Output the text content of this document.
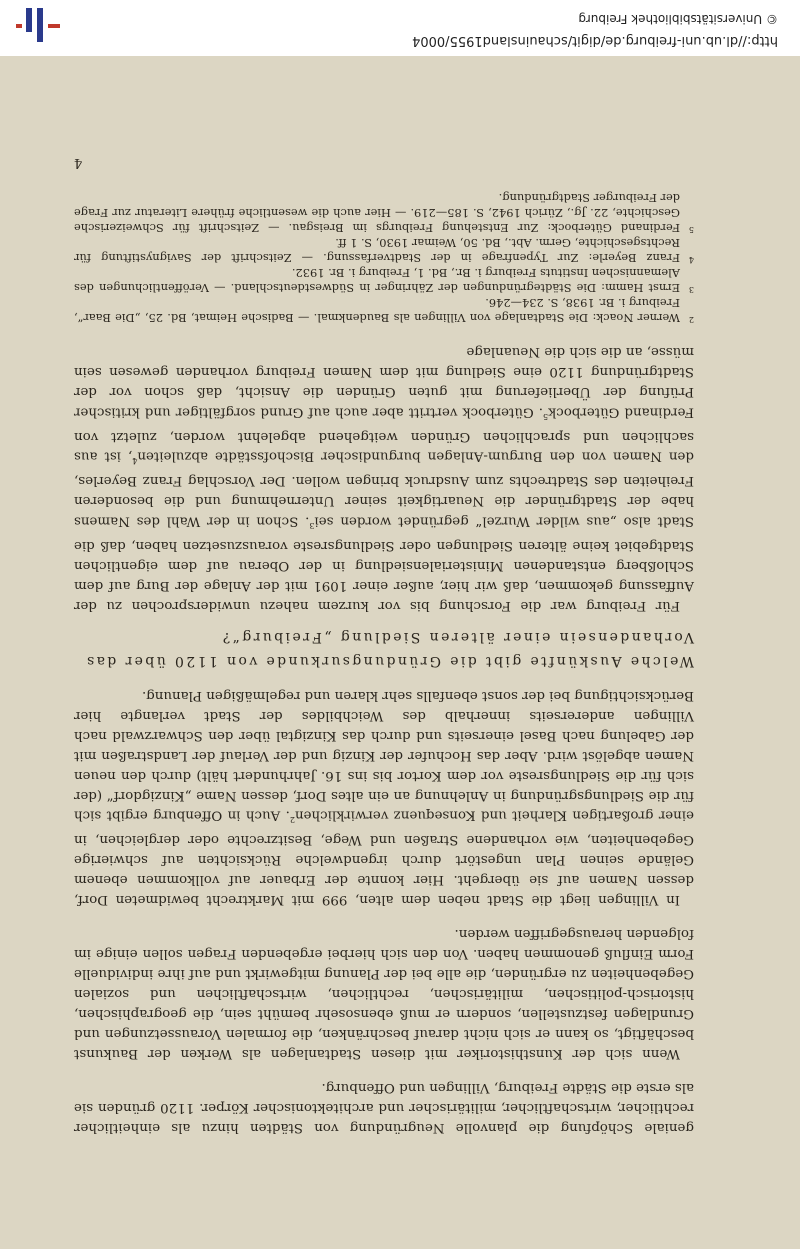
geniale Schöpfung die planvolle Neugründung von Städten hinzu als einheitlicher rechtlicher, wirtschaftlicher, militärischer und architektonischer Körper. 1120 gründen sie als erste die Städte Freiburg, Villingen und Offenburg.

Wenn sich der Kunsthistoriker mit diesen Stadtanlagen als Werken der Baukunst beschäftigt, so kann er sich nicht darauf beschränken, die formalen Voraussetzungen und Grundlagen festzustellen, sondern er muß ebensosehr bemüht sein, die geographischen, historisch-politischen, militärischen, rechtlichen, wirtschaftlichen und sozialen Gegebenheiten zu ergründen, die alle bei der Planung mitgewirkt und auf ihre individuelle Form Einfluß genommen haben. Von den sich hierbei ergebenden Fragen sollen einige im folgenden herausgegriffen werden.

In Villingen liegt die Stadt neben dem alten, 999 mit Marktrecht bewidmeten Dorf, dessen Namen auf sie übergeht. Hier konnte der Erbauer auf vollkommen ebenem Gelände seinen Plan ungestört durch irgendwelche Rücksichten auf schwierige Gegebenheiten, wie vorhandene Straßen und Wege, Besitzrechte oder dergleichen, in einer großartigen Klarheit und Konsequenz verwirklichen$^2$. Auch in Offenburg ergibt sich für die Siedlungsgründung in Anlehnung an ein altes Dorf, dessen Name „Kinzigdorf“ (der sich für die Siedlungsreste vor dem Kortor bis ins 16. Jahrhundert hält) durch den neuen Namen abgelöst wird. Aber das Hochufer der Kinzig und der Verlauf der Landstraßen mit der Gabelung nach Basel einerseits und durch das Kinzigtal über den Schwarzwald nach Villingen andererseits innerhalb des Weichbildes der Stadt verlangte hier Berücksichtigung bei der sonst ebenfalls sehr klaren und regelmäßigen Planung.

Welche Auskünfte gibt die Gründungsurkunde von 1120 über das Vorhandensein einer älteren Siedlung „Freiburg“?

Für Freiburg war die Forschung bis vor kurzem nahezu unwidersprochen zu der Auffassung gekommen, daß wir hier, außer einer 1091 mit der Anlage der Burg auf dem Schloßberg entstandenen Ministerialensiedlung in der Oberau auf dem eigentlichen Stadtgebiet keine älteren Siedlungen oder Siedlungsreste vorauszusetzen haben, daß die Stadt also „aus wilder Wurzel“ gegründet worden sei$^3$. Schon in der Wahl des Namens habe der Stadtgründer die Neuartigkeit seiner Unternehmung und die besonderen Freiheiten des Stadtrechts zum Ausdruck bringen wollen. Der Vorschlag Franz Beyerles, den Namen von den Burgum-Anlagen burgundischer Bischofsstädte abzuleiten$^4$, ist aus sachlichen und sprachlichen Gründen weitgehend abgelehnt worden, zuletzt von Ferdinand Güterbock$^5$. Güterbock vertritt aber auch auf Grund sorgfältiger und kritischer Prüfung der Überlieferung mit guten Gründen die Ansicht, daß schon vor der Stadtgründung 1120 eine Siedlung mit dem Namen Freiburg vorhanden gewesen sein müsse, an die sich die Neuanlage

2
Werner Noack: Die Stadtanlage von Villingen als Baudenkmal. — Badische Heimat, Bd. 25, „Die Baar“, Freiburg i. Br. 1938, S. 234—246.

3
Ernst Hamm: Die Städtegründungen der Zähringer in Südwestdeutschland. — Veröffentlichungen des Alemannischen Instituts Freiburg i. Br., Bd. 1, Freiburg i. Br. 1932.

4
Franz Beyerle: Zur Typenfrage in der Stadtverfassung. — Zeitschrift der Savignystiftung für Rechtsgeschichte, Germ. Abt., Bd. 50, Weimar 1930, S. 1 ff.

5
Ferdinand Güterbock: Zur Entstehung Freiburgs im Breisgau. — Zeitschrift für Schweizerische Geschichte, 22. Jg., Zürich 1942, S. 185—219. — Hier auch die wesentliche frühere Literatur zur Frage der Freiburger Stadtgründung.

4
http://dl.ub.uni-freiburg.de/digit/schauinsland1955/0004
© Universitätsbibliothek Freiburg
